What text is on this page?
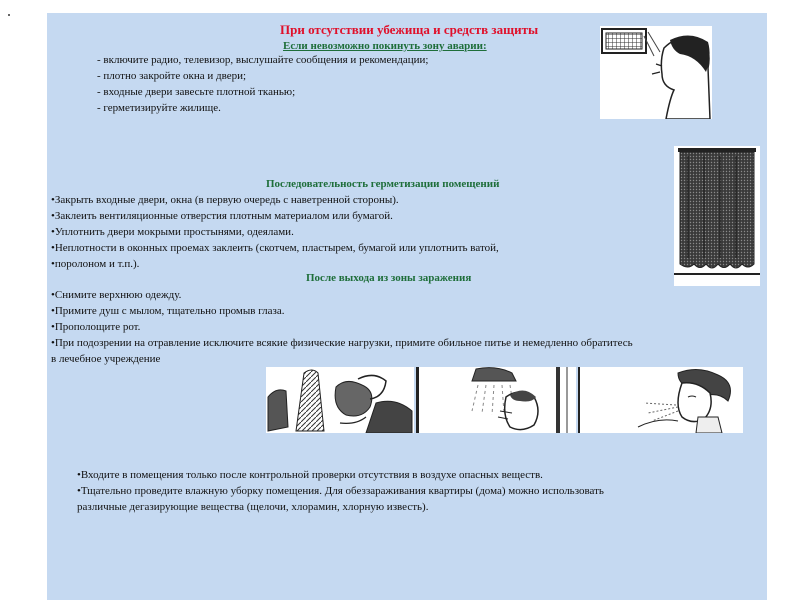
При отсутствии убежища и средств защиты
Если невозможно покинуть зону аварии:
- включите радио, телевизор, выслушайте сообщения и рекомендации;
- плотно закройте окна и двери;
- входные двери завесьте плотной тканью;
- герметизируйте жилище.
Последовательность герметизации помещений
•Закрыть входные двери, окна (в первую очередь с наветренной стороны).
•Заклеить вентиляционные отверстия плотным материалом или бумагой.
•Уплотнить двери мокрыми простынями, одеялами.
•Неплотности в оконных проемах заклеить (скотчем, пластырем, бумагой или уплотнить ватой,
•поролоном и т.п.).
После выхода из зоны заражения
•Снимите верхнюю одежду.
•Примите душ с мылом, тщательно промыв глаза.
•Прополощите рот.
•При подозрении на отравление исключите всякие физические нагрузки, примите обильное питье и немедленно обратитесь
в лечебное учреждение
•Входите в помещения только после контрольной проверки отсутствия в воздухе опасных веществ.
•Тщательно проведите влажную уборку помещения. Для обеззараживания квартиры (дома) можно использовать
различные дегазирующие вещества (щелочи, хлорамин, хлорную известь).
